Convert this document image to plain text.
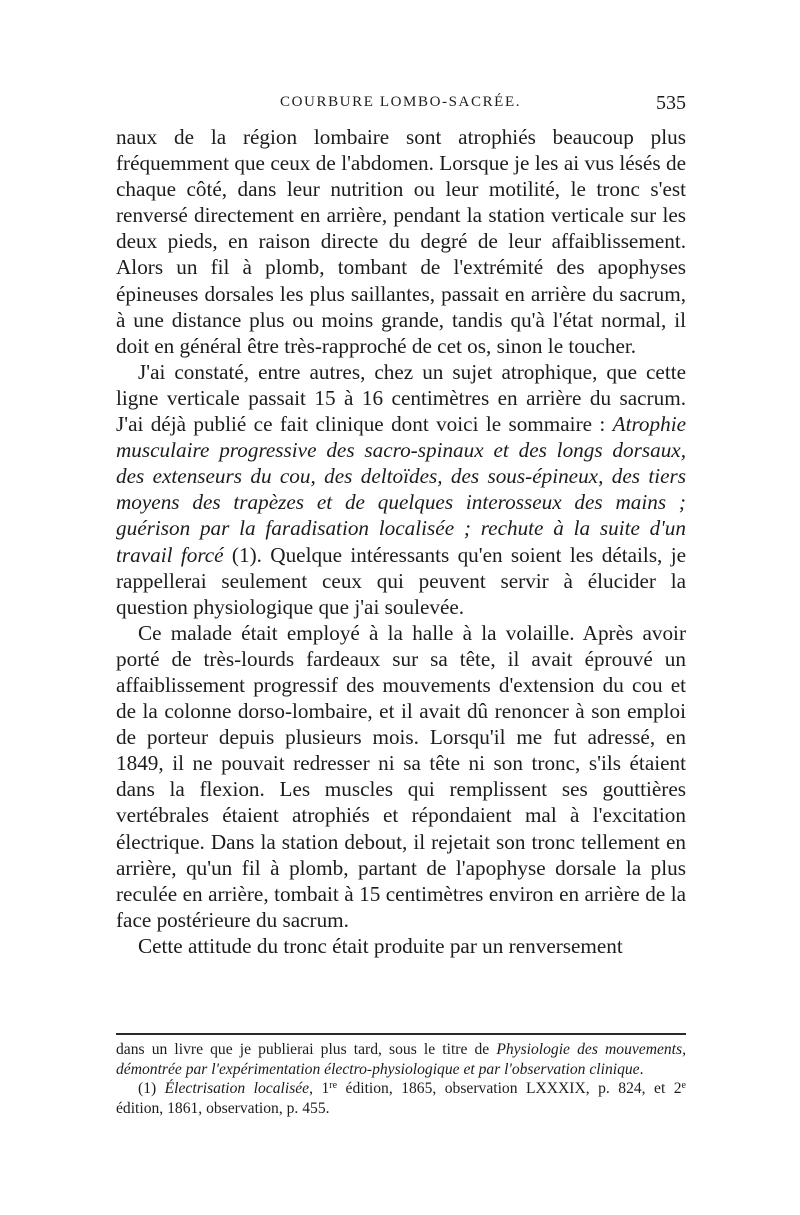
COURBURE LOMBO-SACRÉE.	535

naux de la région lombaire sont atrophiés beaucoup plus fréquemment que ceux de l'abdomen. Lorsque je les ai vus lésés de chaque côté, dans leur nutrition ou leur motilité, le tronc s'est renversé directement en arrière, pendant la station verticale sur les deux pieds, en raison directe du degré de leur affaiblissement. Alors un fil à plomb, tombant de l'extrémité des apophyses épineuses dorsales les plus saillantes, passait en arrière du sacrum, à une distance plus ou moins grande, tandis qu'à l'état normal, il doit en général être très-rapproché de cet os, sinon le toucher.

J'ai constaté, entre autres, chez un sujet atrophique, que cette ligne verticale passait 15 à 16 centimètres en arrière du sacrum. J'ai déjà publié ce fait clinique dont voici le sommaire : Atrophie musculaire progressive des sacro-spinaux et des longs dorsaux, des extenseurs du cou, des deltoïdes, des sous-épineux, des tiers moyens des trapèzes et de quelques interosseux des mains ; guérison par la faradisation localisée ; rechute à la suite d'un travail forcé (1). Quelque intéressants qu'en soient les détails, je rappellerai seulement ceux qui peuvent servir à élucider la question physiologique que j'ai soulevée.

Ce malade était employé à la halle à la volaille. Après avoir porté de très-lourds fardeaux sur sa tête, il avait éprouvé un affaiblissement progressif des mouvements d'extension du cou et de la colonne dorso-lombaire, et il avait dû renoncer à son emploi de porteur depuis plusieurs mois. Lorsqu'il me fut adressé, en 1849, il ne pouvait redresser ni sa tête ni son tronc, s'ils étaient dans la flexion. Les muscles qui remplissent ses gouttières vertébrales étaient atrophiés et répondaient mal à l'excitation électrique. Dans la station debout, il rejetait son tronc tellement en arrière, qu'un fil à plomb, partant de l'apophyse dorsale la plus reculée en arrière, tombait à 15 centimètres environ en arrière de la face postérieure du sacrum.

Cette attitude du tronc était produite par un renversement

dans un livre que je publierai plus tard, sous le titre de Physiologie des mouvements, démontrée par l'expérimentation électro-physiologique et par l'observation clinique.

(1) Électrisation localisée, 1re édition, 1865, observation LXXXIX, p. 824, et 2e édition, 1861, observation, p. 455.
